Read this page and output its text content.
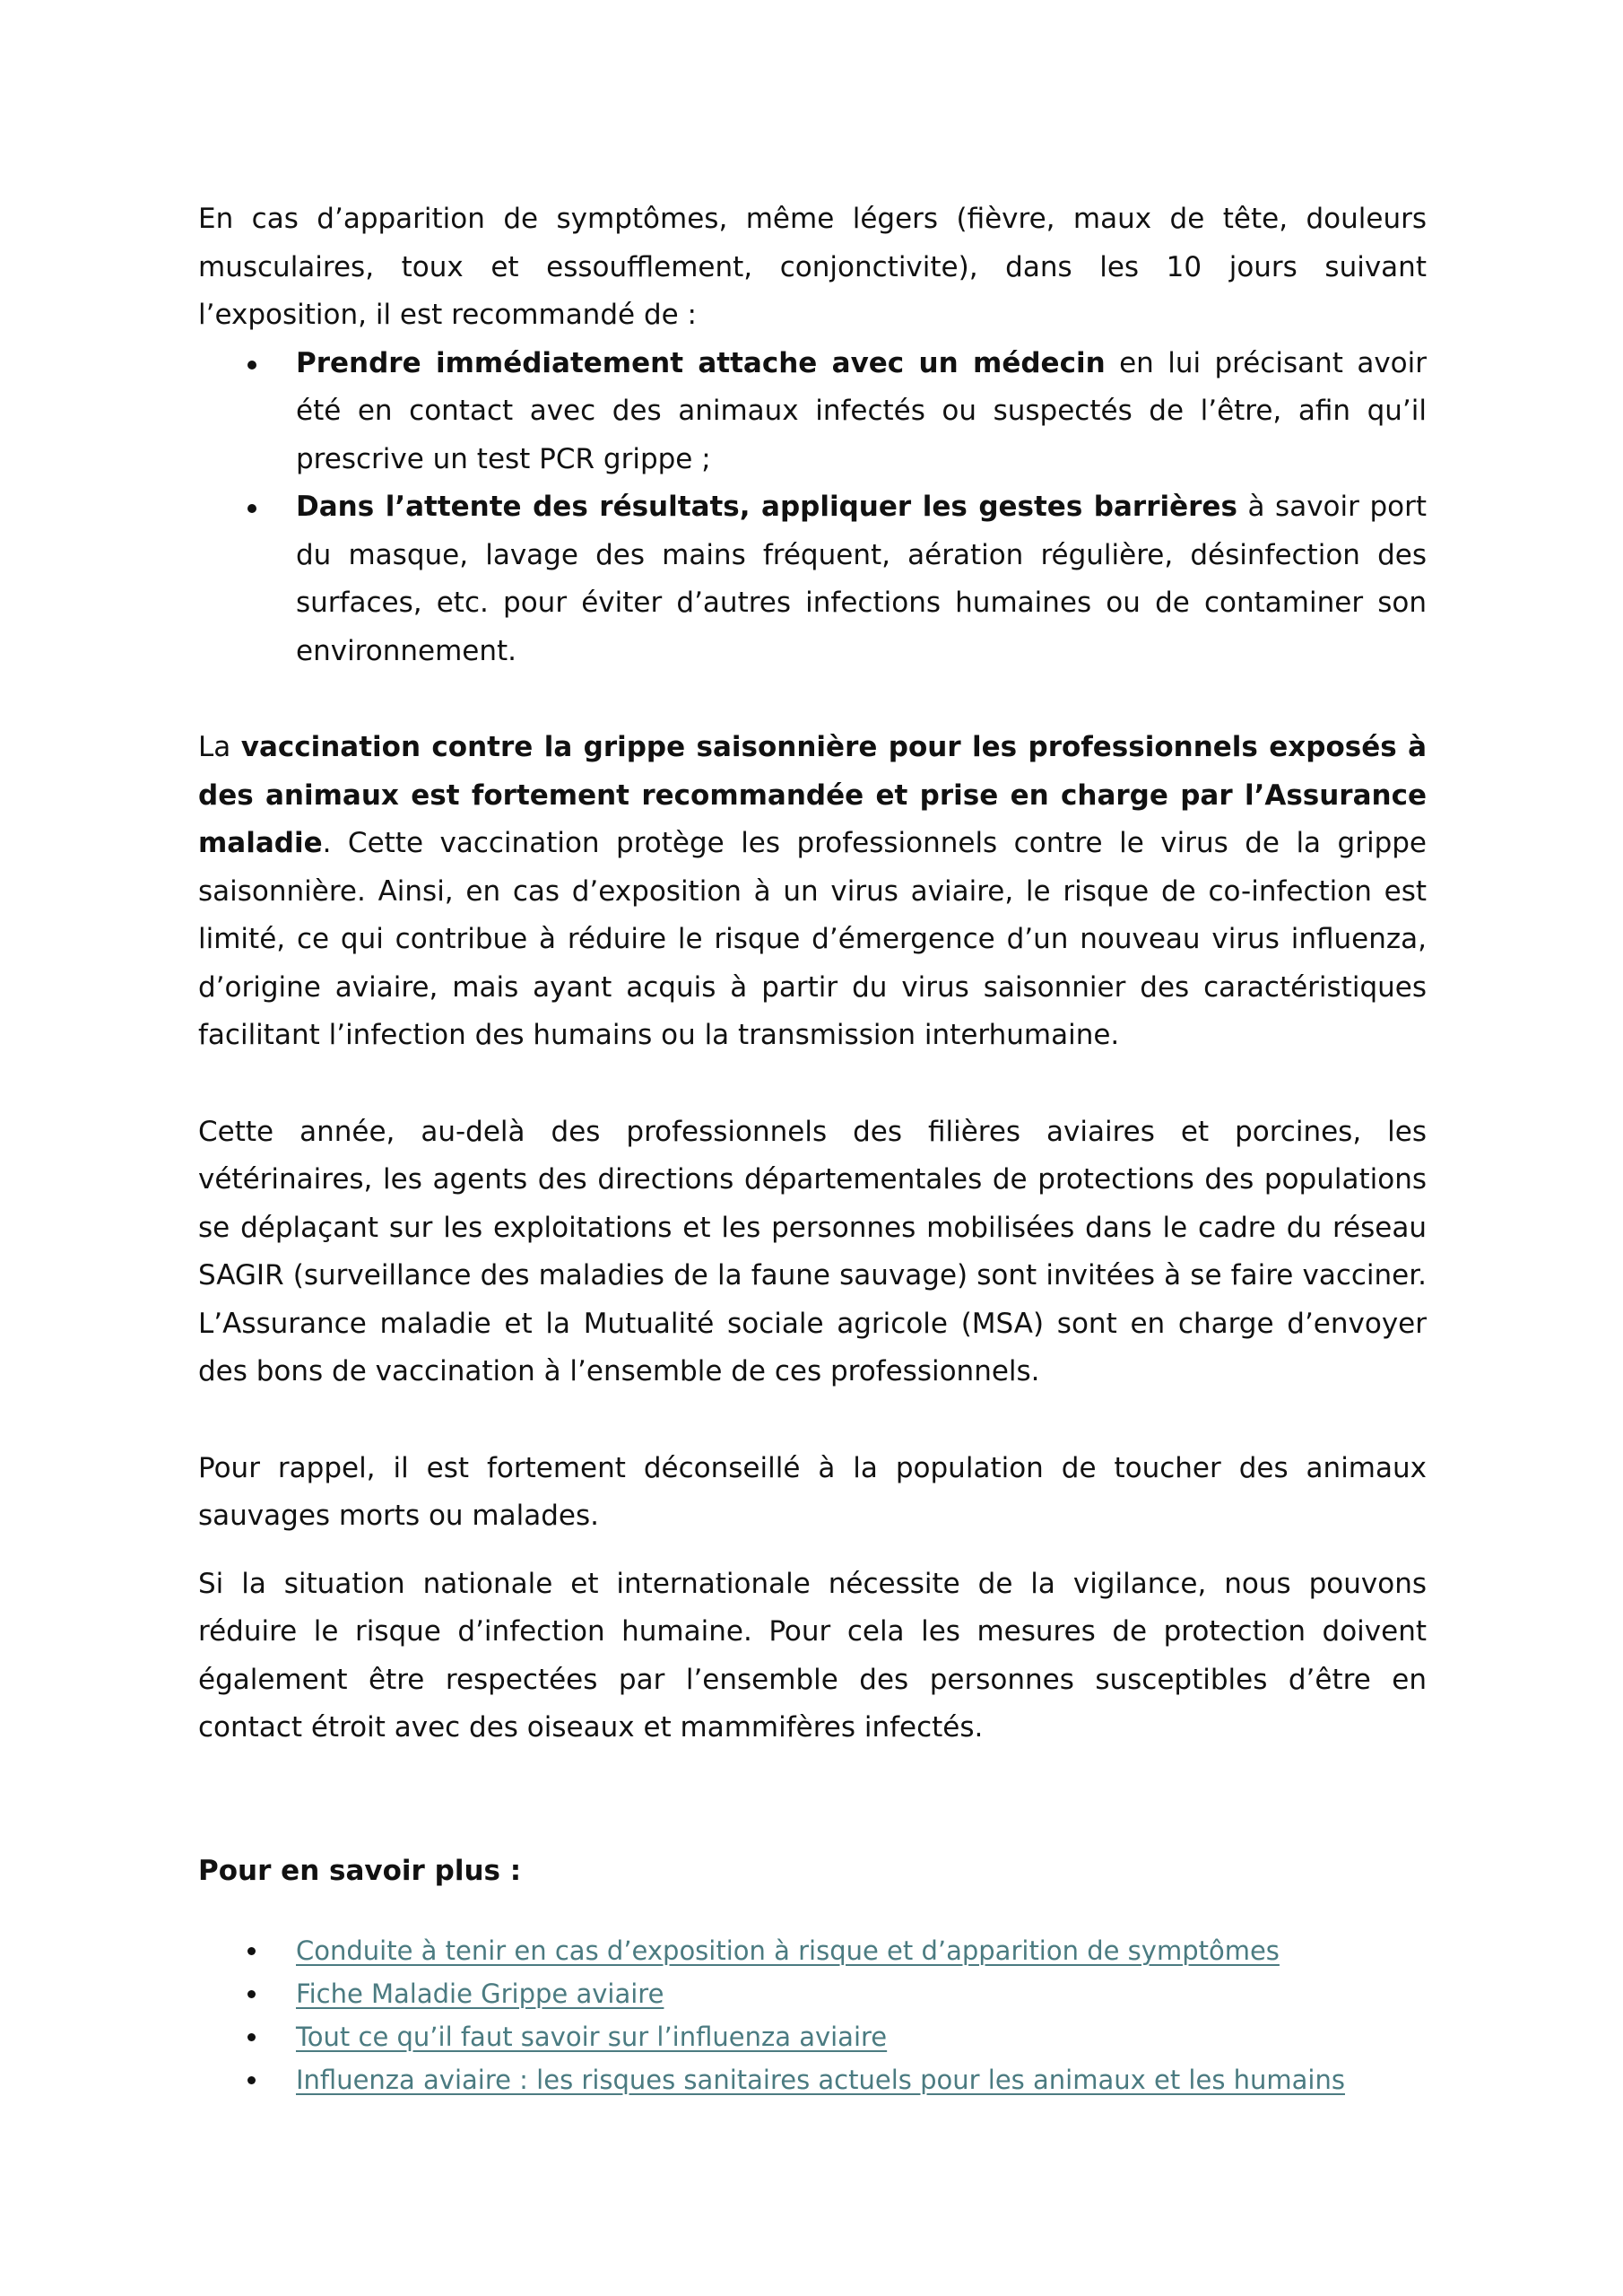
En cas d’apparition de symptômes, même légers (fièvre, maux de tête, douleurs musculaires, toux et essoufflement, conjonctivite), dans les 10 jours suivant l’exposition, il est recommandé de :

Prendre immédiatement attache avec un médecin en lui précisant avoir été en contact avec des animaux infectés ou suspectés de l’être, afin qu’il prescrive un test PCR grippe ;
Dans l’attente des résultats, appliquer les gestes barrières à savoir port du masque, lavage des mains fréquent, aération régulière, désinfection des surfaces, etc. pour éviter d’autres infections humaines ou de contaminer son environnement.

La vaccination contre la grippe saisonnière pour les professionnels exposés à des animaux est fortement recommandée et prise en charge par l’Assurance maladie. Cette vaccination protège les professionnels contre le virus de la grippe saisonnière. Ainsi, en cas d’exposition à un virus aviaire, le risque de co-infection est limité, ce qui contribue à réduire le risque d’émergence d’un nouveau virus influenza, d’origine aviaire, mais ayant acquis à partir du virus saisonnier des caractéristiques facilitant l’infection des humains ou la transmission interhumaine.

Cette année, au-delà des professionnels des filières aviaires et porcines, les vétérinaires, les agents des directions départementales de protections des populations se déplaçant sur les exploitations et les personnes mobilisées dans le cadre du réseau SAGIR (surveillance des maladies de la faune sauvage) sont invitées à se faire vacciner. L’Assurance maladie et la Mutualité sociale agricole (MSA) sont en charge d’envoyer des bons de vaccination à l’ensemble de ces professionnels.

Pour rappel, il est fortement déconseillé à la population de toucher des animaux sauvages morts ou malades.

Si la situation nationale et internationale nécessite de la vigilance, nous pouvons réduire le risque d’infection humaine. Pour cela les mesures de protection doivent également être respectées par l’ensemble des personnes susceptibles d’être en contact étroit avec des oiseaux et mammifères infectés.

Pour en savoir plus :

Conduite à tenir en cas d’exposition à risque et d’apparition de symptômes
Fiche Maladie Grippe aviaire
Tout ce qu’il faut savoir sur l’influenza aviaire
Influenza aviaire : les risques sanitaires actuels pour les animaux et les humains
